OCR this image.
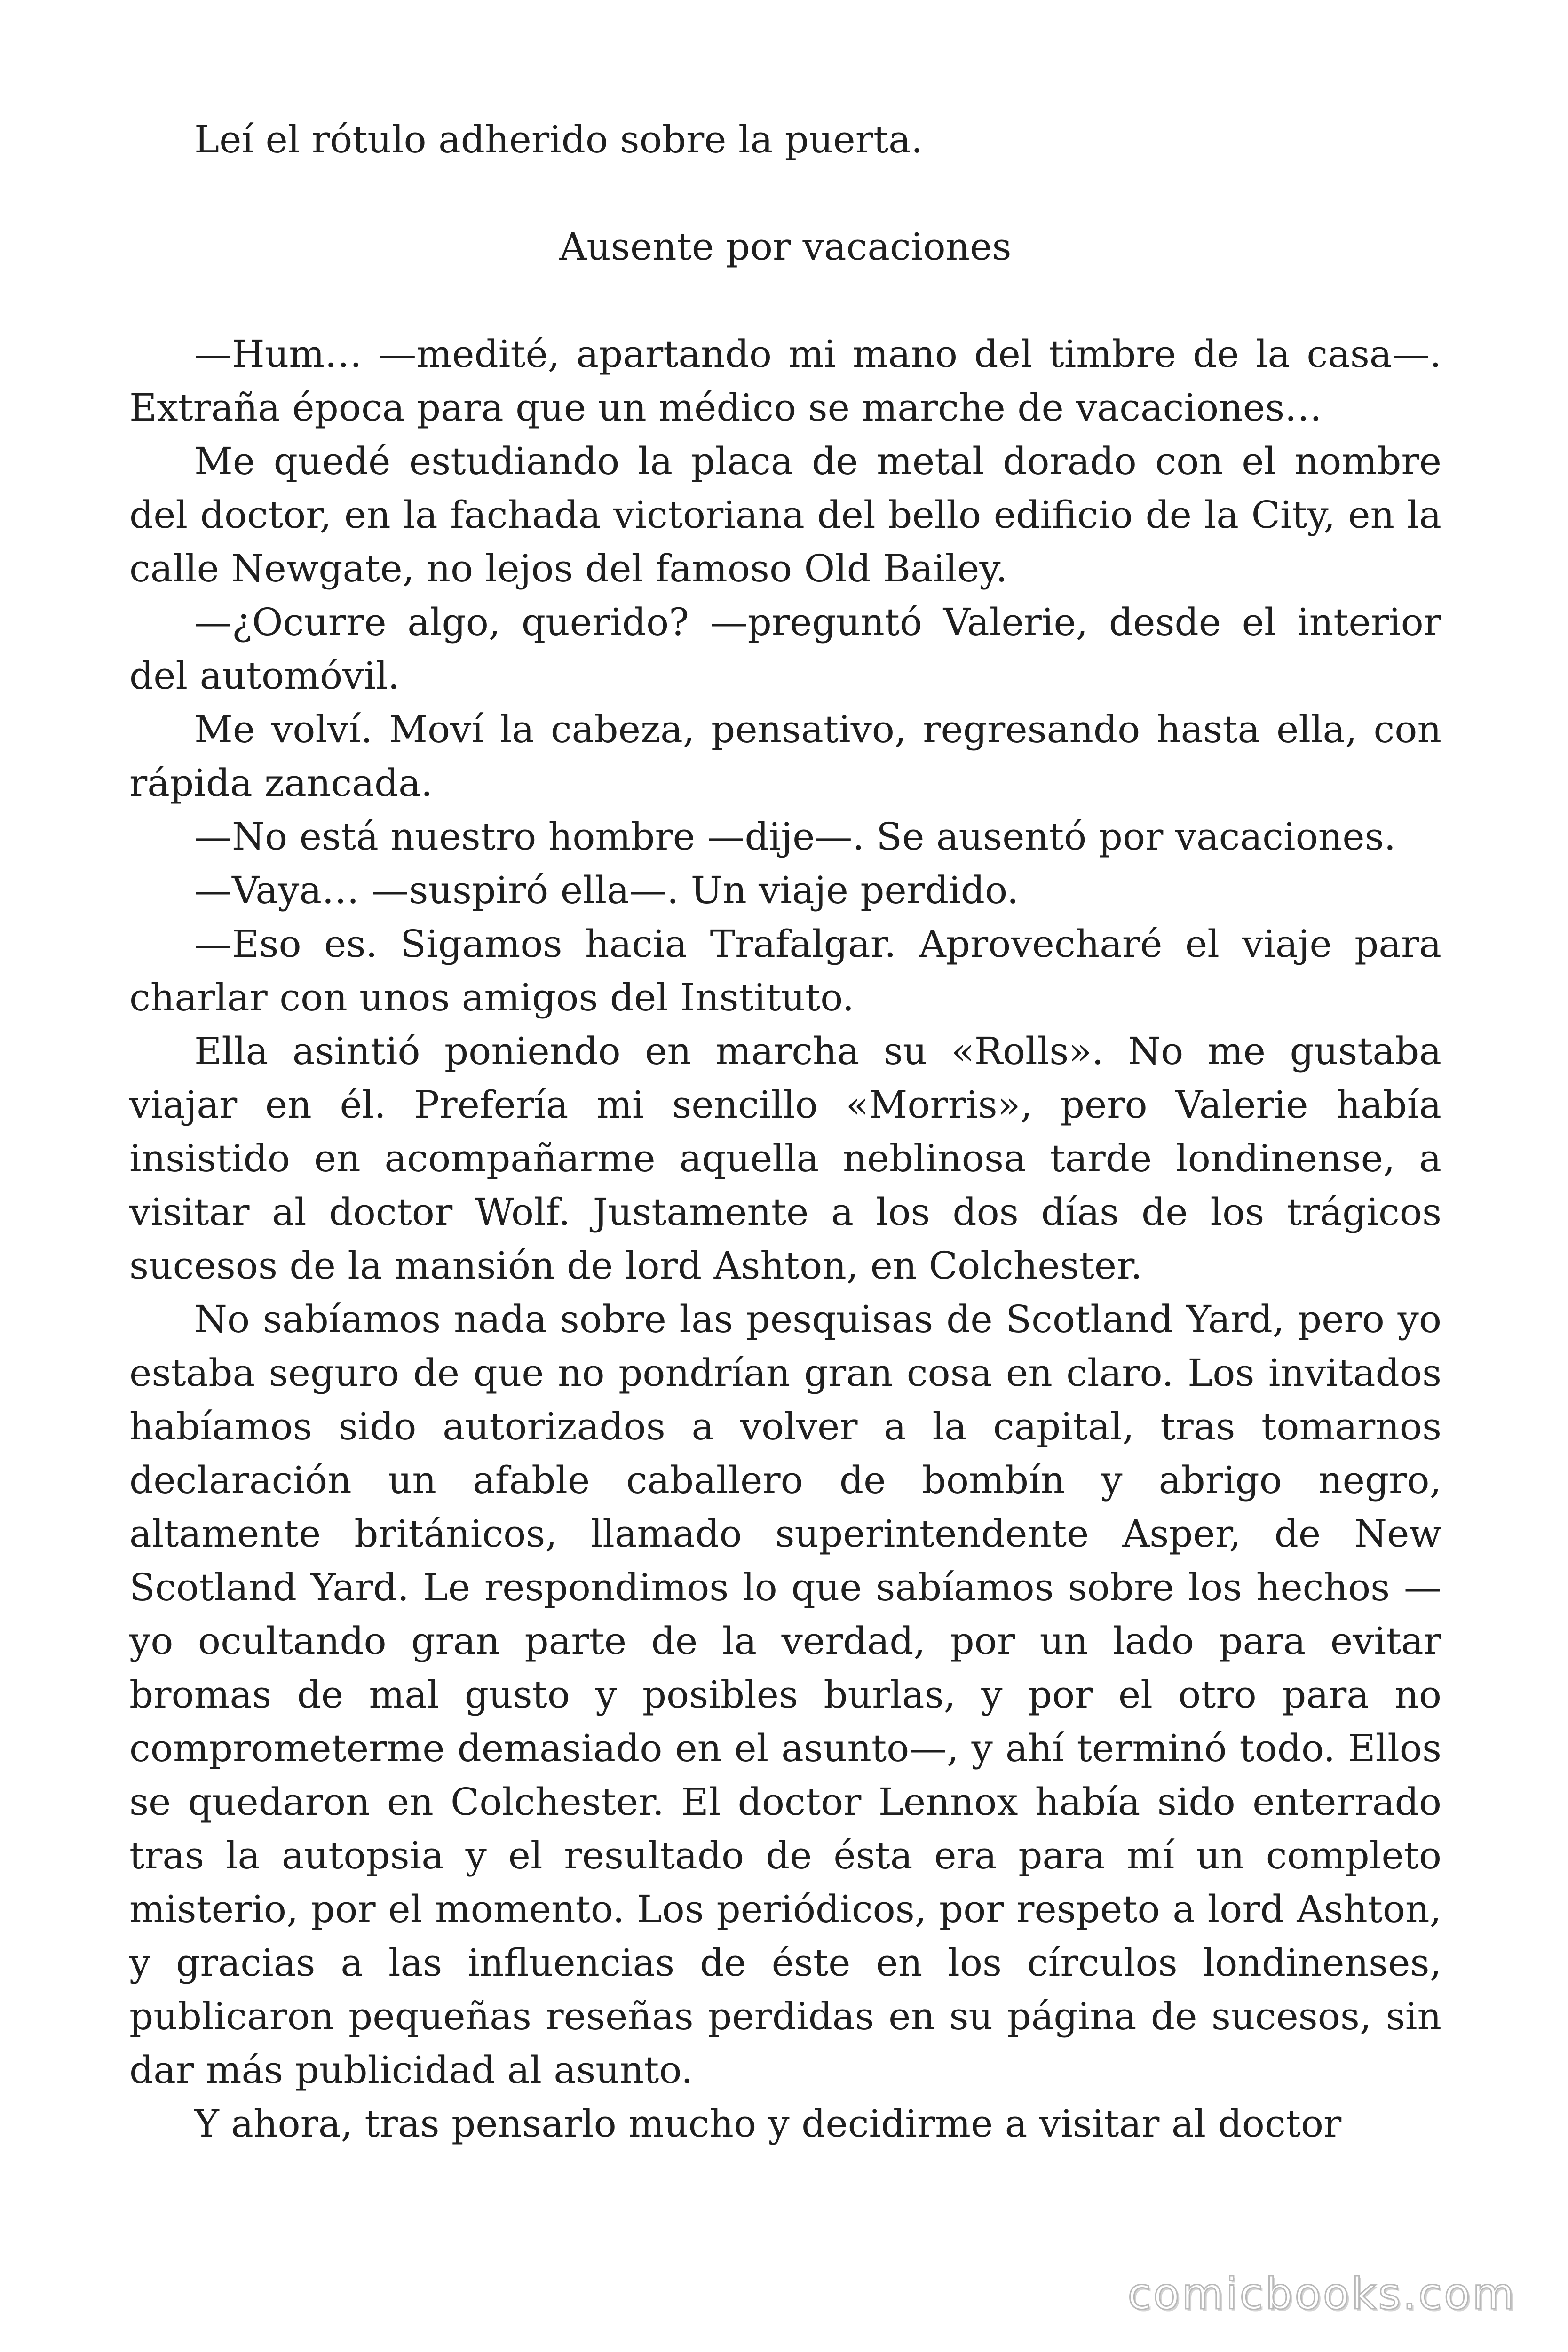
Leí el rótulo adherido sobre la puerta.

Ausente por vacaciones

—Hum… —medité, apartando mi mano del timbre de la casa—. Extraña época para que un médico se marche de vacaciones…

Me quedé estudiando la placa de metal dorado con el nombre del doctor, en la fachada victoriana del bello edificio de la City, en la calle Newgate, no lejos del famoso Old Bailey.

—¿Ocurre algo, querido? —preguntó Valerie, desde el interior del automóvil.

Me volví. Moví la cabeza, pensativo, regresando hasta ella, con rápida zancada.

—No está nuestro hombre —dije—. Se ausentó por vacaciones.

—Vaya… —suspiró ella—. Un viaje perdido.

—Eso es. Sigamos hacia Trafalgar. Aprovecharé el viaje para charlar con unos amigos del Instituto.

Ella asintió poniendo en marcha su «Rolls». No me gustaba viajar en él. Prefería mi sencillo «Morris», pero Valerie había insistido en acompañarme aquella neblinosa tarde londinense, a visitar al doctor Wolf. Justamente a los dos días de los trágicos sucesos de la mansión de lord Ashton, en Colchester.

No sabíamos nada sobre las pesquisas de Scotland Yard, pero yo estaba seguro de que no pondrían gran cosa en claro. Los invitados habíamos sido autorizados a volver a la capital, tras tomarnos declaración un afable caballero de bombín y abrigo negro, altamente británicos, llamado superintendente Asper, de New Scotland Yard. Le respondimos lo que sabíamos sobre los hechos —yo ocultando gran parte de la verdad, por un lado para evitar bromas de mal gusto y posibles burlas, y por el otro para no comprometerme demasiado en el asunto—, y ahí terminó todo. Ellos se quedaron en Colchester. El doctor Lennox había sido enterrado tras la autopsia y el resultado de ésta era para mí un completo misterio, por el momento. Los periódicos, por respeto a lord Ashton, y gracias a las influencias de éste en los círculos londinenses, publicaron pequeñas reseñas perdidas en su página de sucesos, sin dar más publicidad al asunto.

Y ahora, tras pensarlo mucho y decidirme a visitar al doctor

comicbooks.com
